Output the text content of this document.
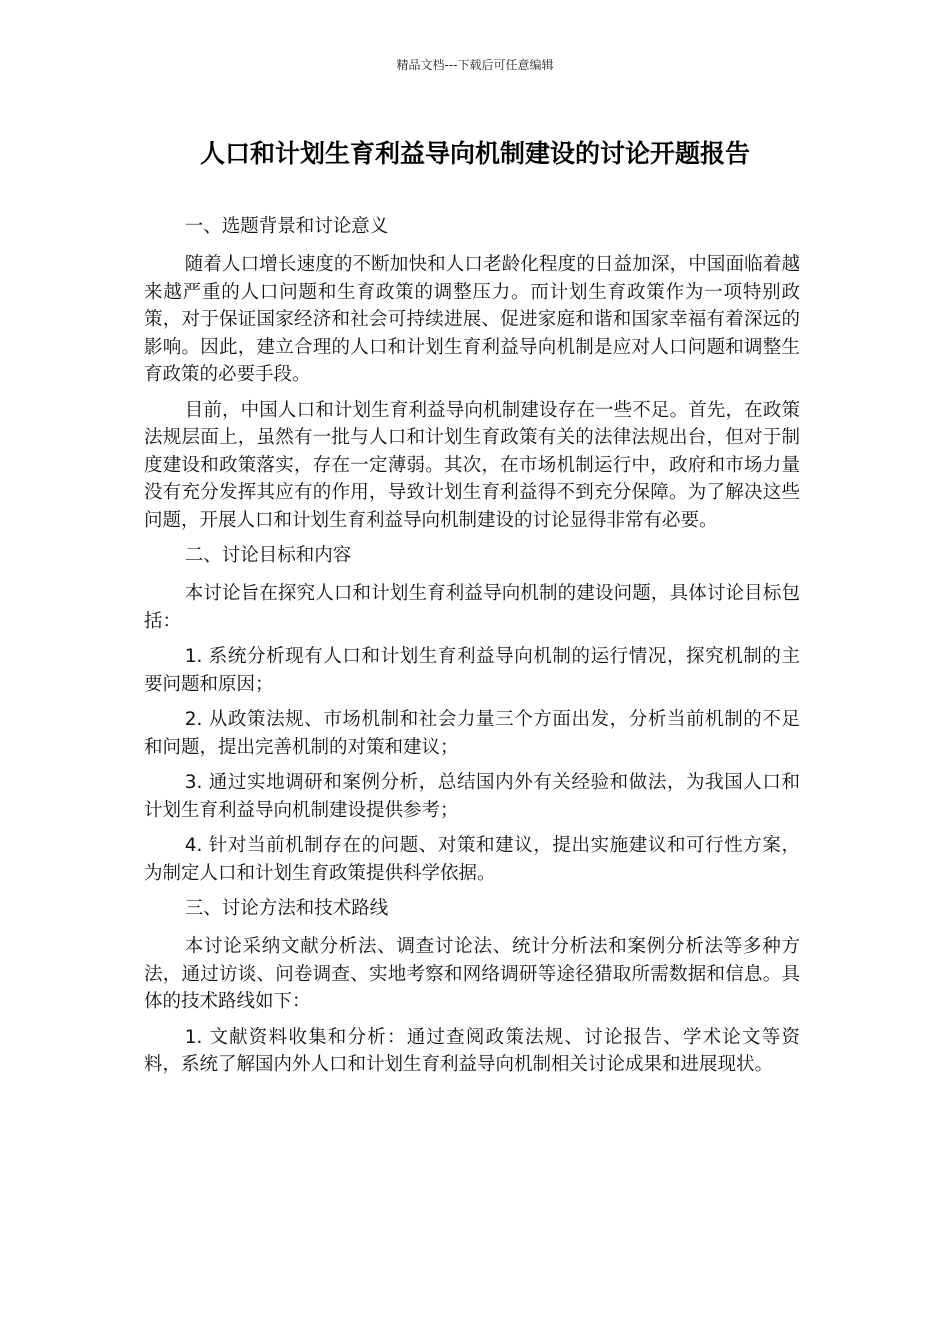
精品文档---下载后可任意编辑
人口和计划生育利益导向机制建设的讨论开题报告

一、选题背景和讨论意义

随着人口增长速度的不断加快和人口老龄化程度的日益加深，中国面临着越来越严重的人口问题和生育政策的调整压力。而计划生育政策作为一项特别政策，对于保证国家经济和社会可持续进展、促进家庭和谐和国家幸福有着深远的影响。因此，建立合理的人口和计划生育利益导向机制是应对人口问题和调整生育政策的必要手段。

目前，中国人口和计划生育利益导向机制建设存在一些不足。首先，在政策法规层面上，虽然有一批与人口和计划生育政策有关的法律法规出台，但对于制度建设和政策落实，存在一定薄弱。其次，在市场机制运行中，政府和市场力量没有充分发挥其应有的作用，导致计划生育利益得不到充分保障。为了解决这些问题，开展人口和计划生育利益导向机制建设的讨论显得非常有必要。

二、讨论目标和内容

本讨论旨在探究人口和计划生育利益导向机制的建设问题，具体讨论目标包括：

1. 系统分析现有人口和计划生育利益导向机制的运行情况，探究机制的主要问题和原因；

2. 从政策法规、市场机制和社会力量三个方面出发，分析当前机制的不足和问题，提出完善机制的对策和建议；

3. 通过实地调研和案例分析，总结国内外有关经验和做法，为我国人口和计划生育利益导向机制建设提供参考；

4. 针对当前机制存在的问题、对策和建议，提出实施建议和可行性方案，为制定人口和计划生育政策提供科学依据。

三、讨论方法和技术路线

本讨论采纳文献分析法、调查讨论法、统计分析法和案例分析法等多种方法，通过访谈、问卷调查、实地考察和网络调研等途径猎取所需数据和信息。具体的技术路线如下：

1. 文献资料收集和分析：通过查阅政策法规、讨论报告、学术论文等资料，系统了解国内外人口和计划生育利益导向机制相关讨论成果和进展现状。
